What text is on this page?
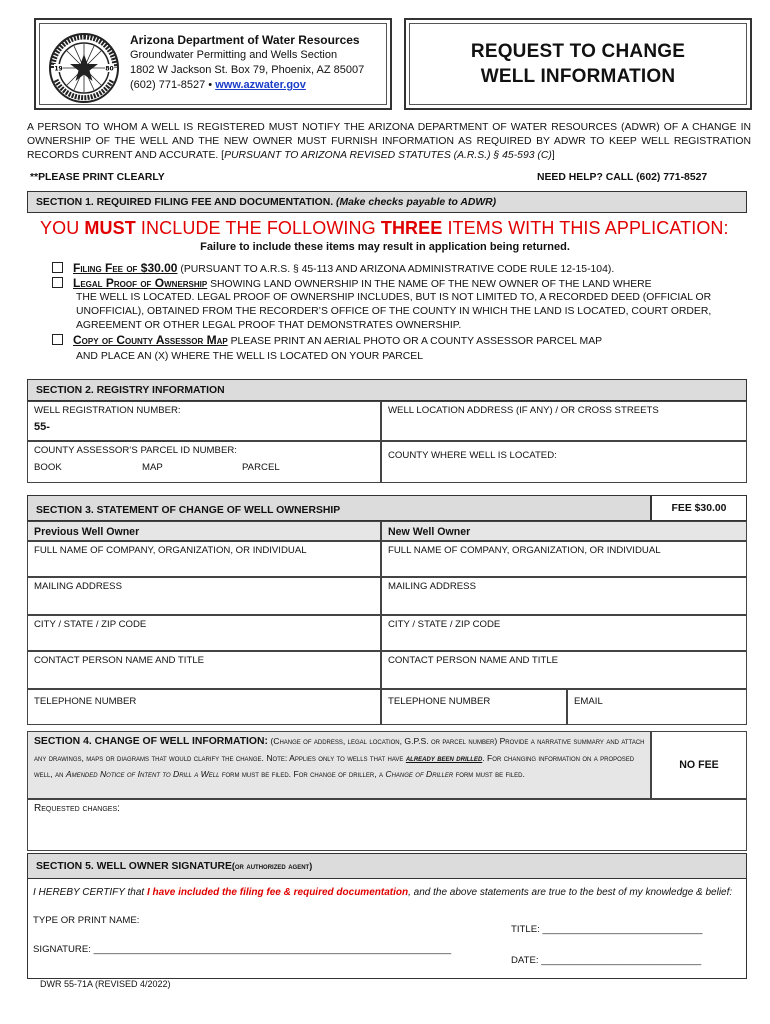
19	80
Arizona Department of Water Resources
Groundwater Permitting and Wells Section
1802 W Jackson St. Box 79, Phoenix, AZ 85007
(602) 771-8527 • www.azwater.gov
REQUEST TO CHANGE
WELL INFORMATION
A PERSON TO WHOM A WELL IS REGISTERED MUST NOTIFY THE ARIZONA DEPARTMENT OF WATER RESOURCES (ADWR) OF A CHANGE IN OWNERSHIP OF THE WELL AND THE NEW OWNER MUST FURNISH INFORMATION AS REQUIRED BY ADWR TO KEEP WELL REGISTRATION RECORDS CURRENT AND ACCURATE. [PURSUANT TO ARIZONA REVISED STATUTES (A.R.S.) § 45-593 (C)]
**PLEASE PRINT CLEARLY	NEED HELP? CALL (602) 771-8527
SECTION 1. REQUIRED FILING FEE AND DOCUMENTATION.
(Make checks payable to ADWR)
YOU MUST INCLUDE THE FOLLOWING THREE ITEMS WITH THIS APPLICATION:
Failure to include these items may result in application being returned.
Filing Fee of $30.00 (PURSUANT TO A.R.S. § 45-113 AND ARIZONA ADMINISTRATIVE CODE RULE 12-15-104).
Legal Proof of Ownership SHOWING LAND OWNERSHIP IN THE NAME OF THE NEW OWNER OF THE LAND WHERE
THE WELL IS LOCATED. LEGAL PROOF OF OWNERSHIP INCLUDES, BUT IS NOT LIMITED TO, A RECORDED DEED (OFFICIAL OR UNOFFICIAL), OBTAINED FROM THE RECORDER’S OFFICE OF THE COUNTY IN WHICH THE LAND IS LOCATED, COURT ORDER, AGREEMENT OR OTHER LEGAL PROOF THAT DEMONSTRATES OWNERSHIP.
Copy of County Assessor Map PLEASE PRINT AN AERIAL PHOTO OR A COUNTY ASSESSOR PARCEL MAP
AND PLACE AN (X) WHERE THE WELL IS LOCATED ON YOUR PARCEL
SECTION 2. REGISTRY INFORMATION
WELL REGISTRATION NUMBER:
55-
WELL LOCATION ADDRESS (IF ANY) / OR CROSS STREETS
COUNTY ASSESSOR’S PARCEL ID NUMBER:
BOOK	MAP	PARCEL
COUNTY WHERE WELL IS LOCATED:
SECTION 3. STATEMENT OF CHANGE OF WELL OWNERSHIP	FEE $30.00
Previous Well Owner	New Well Owner
FULL NAME OF COMPANY, ORGANIZATION, OR INDIVIDUAL	FULL NAME OF COMPANY, ORGANIZATION, OR INDIVIDUAL
MAILING ADDRESS	MAILING ADDRESS
CITY / STATE / ZIP CODE	CITY / STATE / ZIP CODE
CONTACT PERSON NAME AND TITLE	CONTACT PERSON NAME AND TITLE
TELEPHONE NUMBER	TELEPHONE NUMBER	EMAIL
SECTION 4. CHANGE OF WELL INFORMATION: (Change of address, legal location, G.P.S. or parcel number) Provide a narrative summary and attach any drawings, maps or diagrams that would clarify the change. Note: Applies only to wells that have already been drilled. For changing information on a proposed well, an Amended Notice of Intent to Drill a Well form must be filed. For change of driller, a Change of Driller form must be filed.
NO FEE
Requested changes:
SECTION 5. WELL OWNER SIGNATURE (or authorized agent)
I HEREBY CERTIFY that I have included the filing fee & required documentation, and the above statements are true to the best of my knowledge & belief:
TYPE OR PRINT NAME:
TITLE: ______________________________
SIGNATURE: ___________________________________________________________________
DATE: ______________________________
DWR 55-71A (REVISED 4/2022)
